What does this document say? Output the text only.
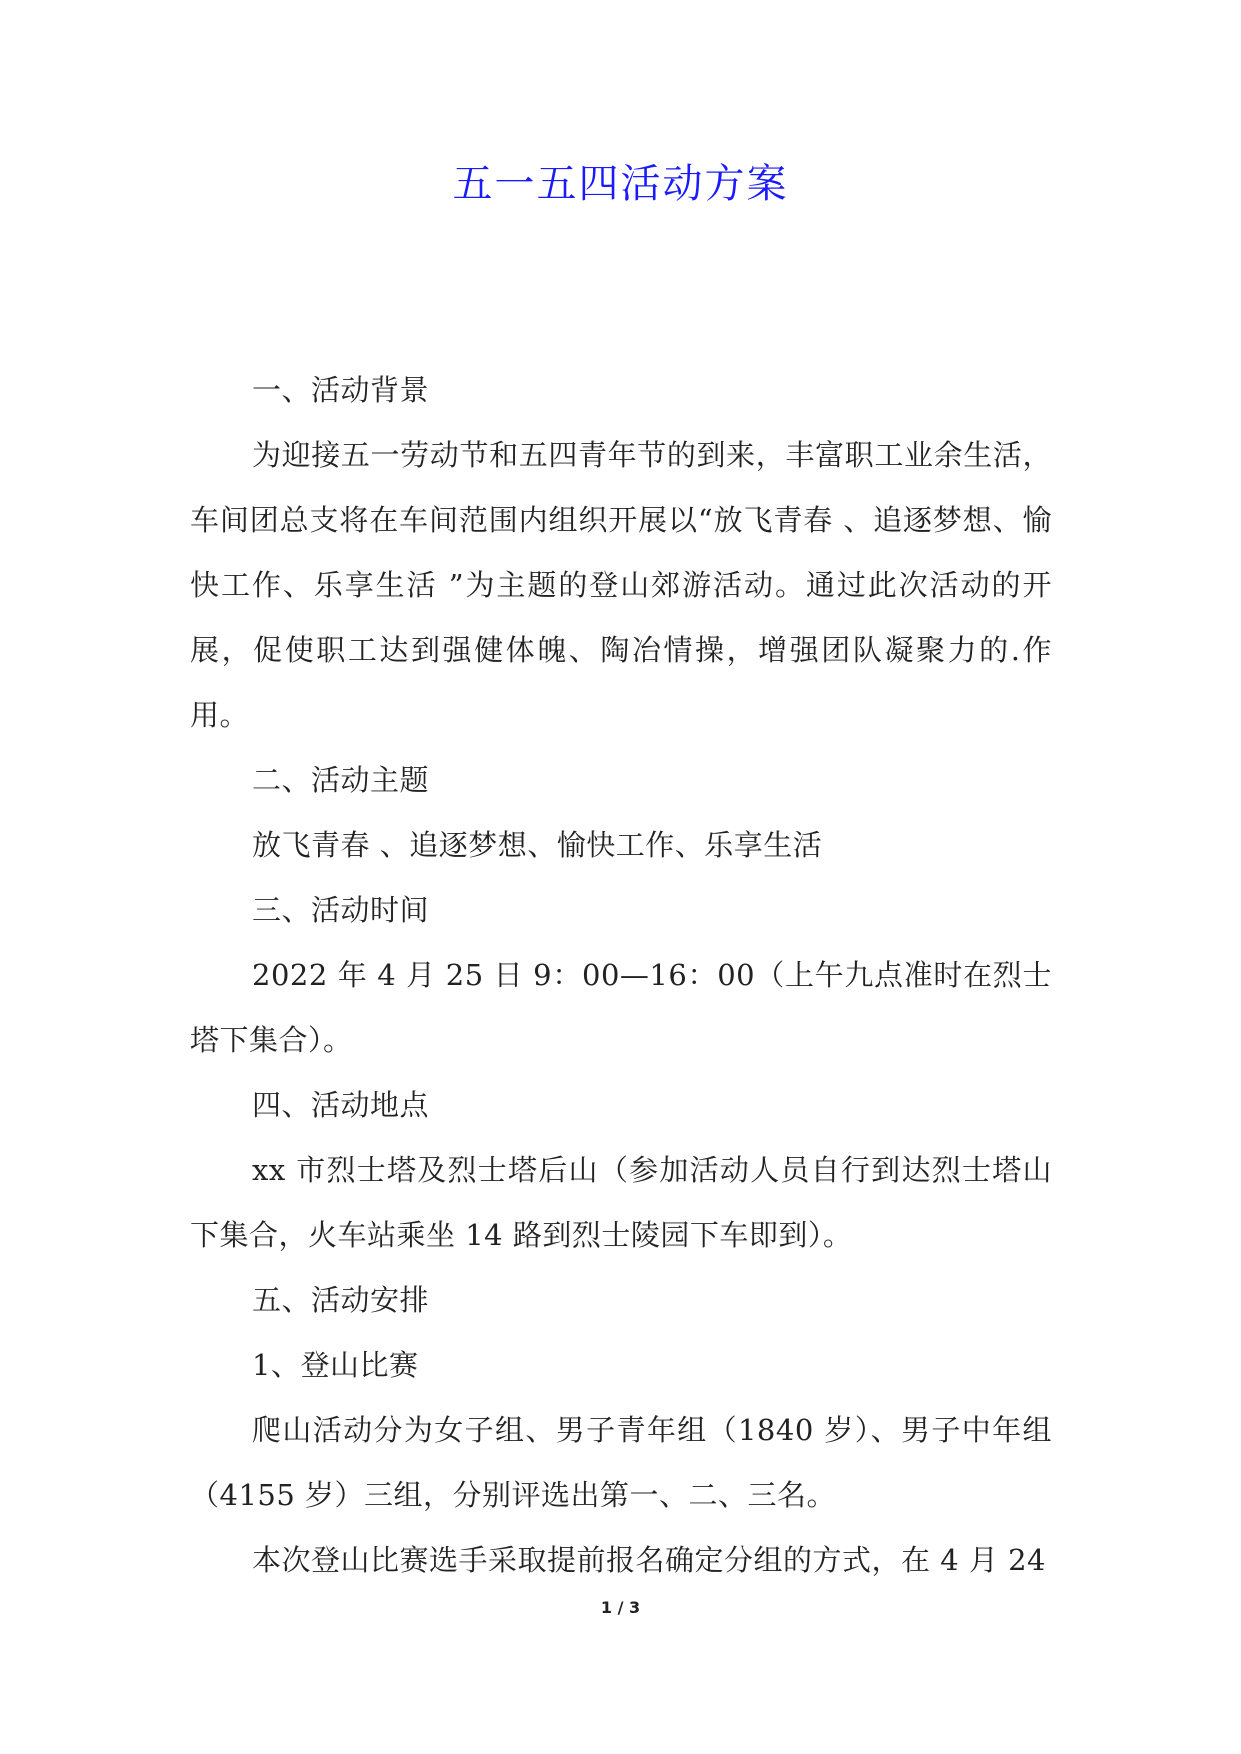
五一五四活动方案

一、活动背景

为迎接五一劳动节和五四青年节的到来，丰富职工业余生活，车间团总支将在车间范围内组织开展以“放飞青春 、追逐梦想、愉快工作、乐享生活 ”为主题的登山郊游活动。通过此次活动的开展，促使职工达到强健体魄、陶冶情操，增强团队凝聚力的.作用。

二、活动主题

放飞青春 、追逐梦想、愉快工作、乐享生活

三、活动时间

2022 年 4 月 25 日 9：00—16：00（上午九点准时在烈士塔下集合）。

四、活动地点

xx 市烈士塔及烈士塔后山（参加活动人员自行到达烈士塔山下集合，火车站乘坐 14 路到烈士陵园下车即到）。

五、活动安排

1、登山比赛

爬山活动分为女子组、男子青年组（1840 岁）、男子中年组（4155 岁）三组，分别评选出第一、二、三名。

本次登山比赛选手采取提前报名确定分组的方式，在 4 月 24

1 / 3
